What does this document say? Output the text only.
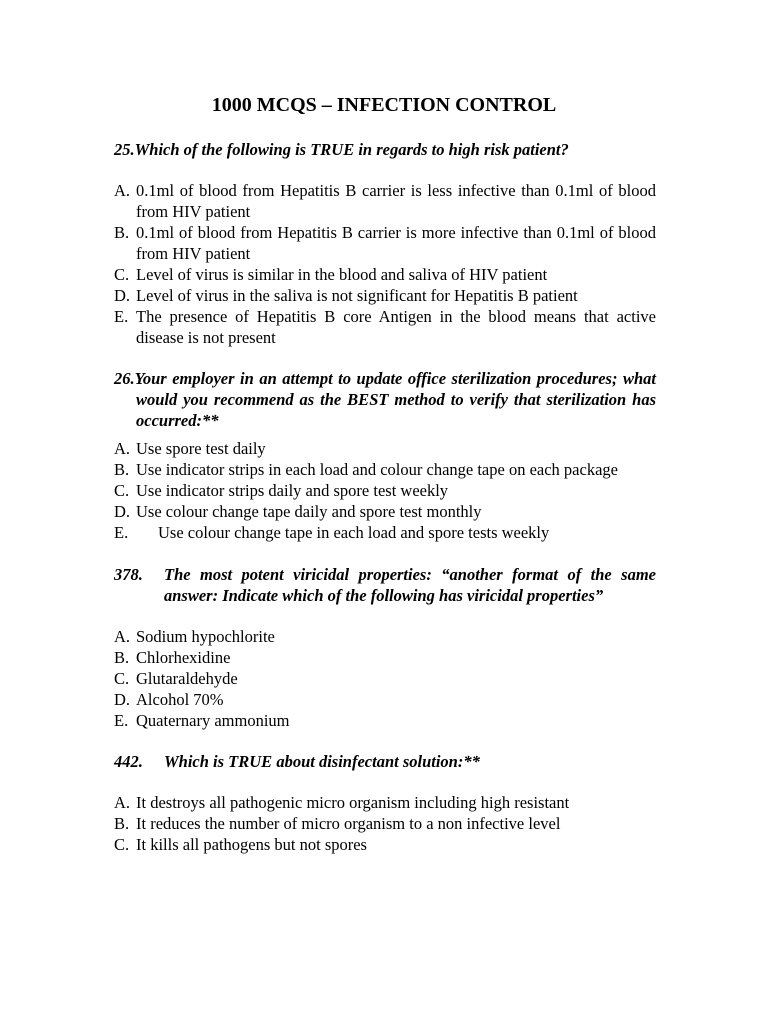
1000 MCQS – INFECTION CONTROL
25.Which of the following is TRUE in regards to high risk patient?
A. 0.1ml of blood from Hepatitis B carrier is less infective than 0.1ml of blood from HIV patient
B. 0.1ml of blood from Hepatitis B carrier is more infective than 0.1ml of blood from HIV patient
C. Level of virus is similar in the blood and saliva of HIV patient
D. Level of virus in the saliva is not significant for Hepatitis B patient
E. The presence of Hepatitis B core Antigen in the blood means that active disease is not present
26.Your employer in an attempt to update office sterilization procedures; what would you recommend as the BEST method to verify that sterilization has occurred:**
A. Use spore test daily
B. Use indicator strips in each load and colour change tape on each package
C. Use indicator strips daily and spore test weekly
D. Use colour change tape daily and spore test monthly
E.	Use colour change tape in each load and spore tests weekly
378. The most potent viricidal properties: “another format of the same answer: Indicate which of the following has viricidal properties”
A. Sodium hypochlorite
B. Chlorhexidine
C. Glutaraldehyde
D. Alcohol 70%
E. Quaternary ammonium
442. Which is TRUE about disinfectant solution:**
A. It destroys all pathogenic micro organism including high resistant
B. It reduces the number of micro organism to a non infective level
C. It kills all pathogens but not spores
